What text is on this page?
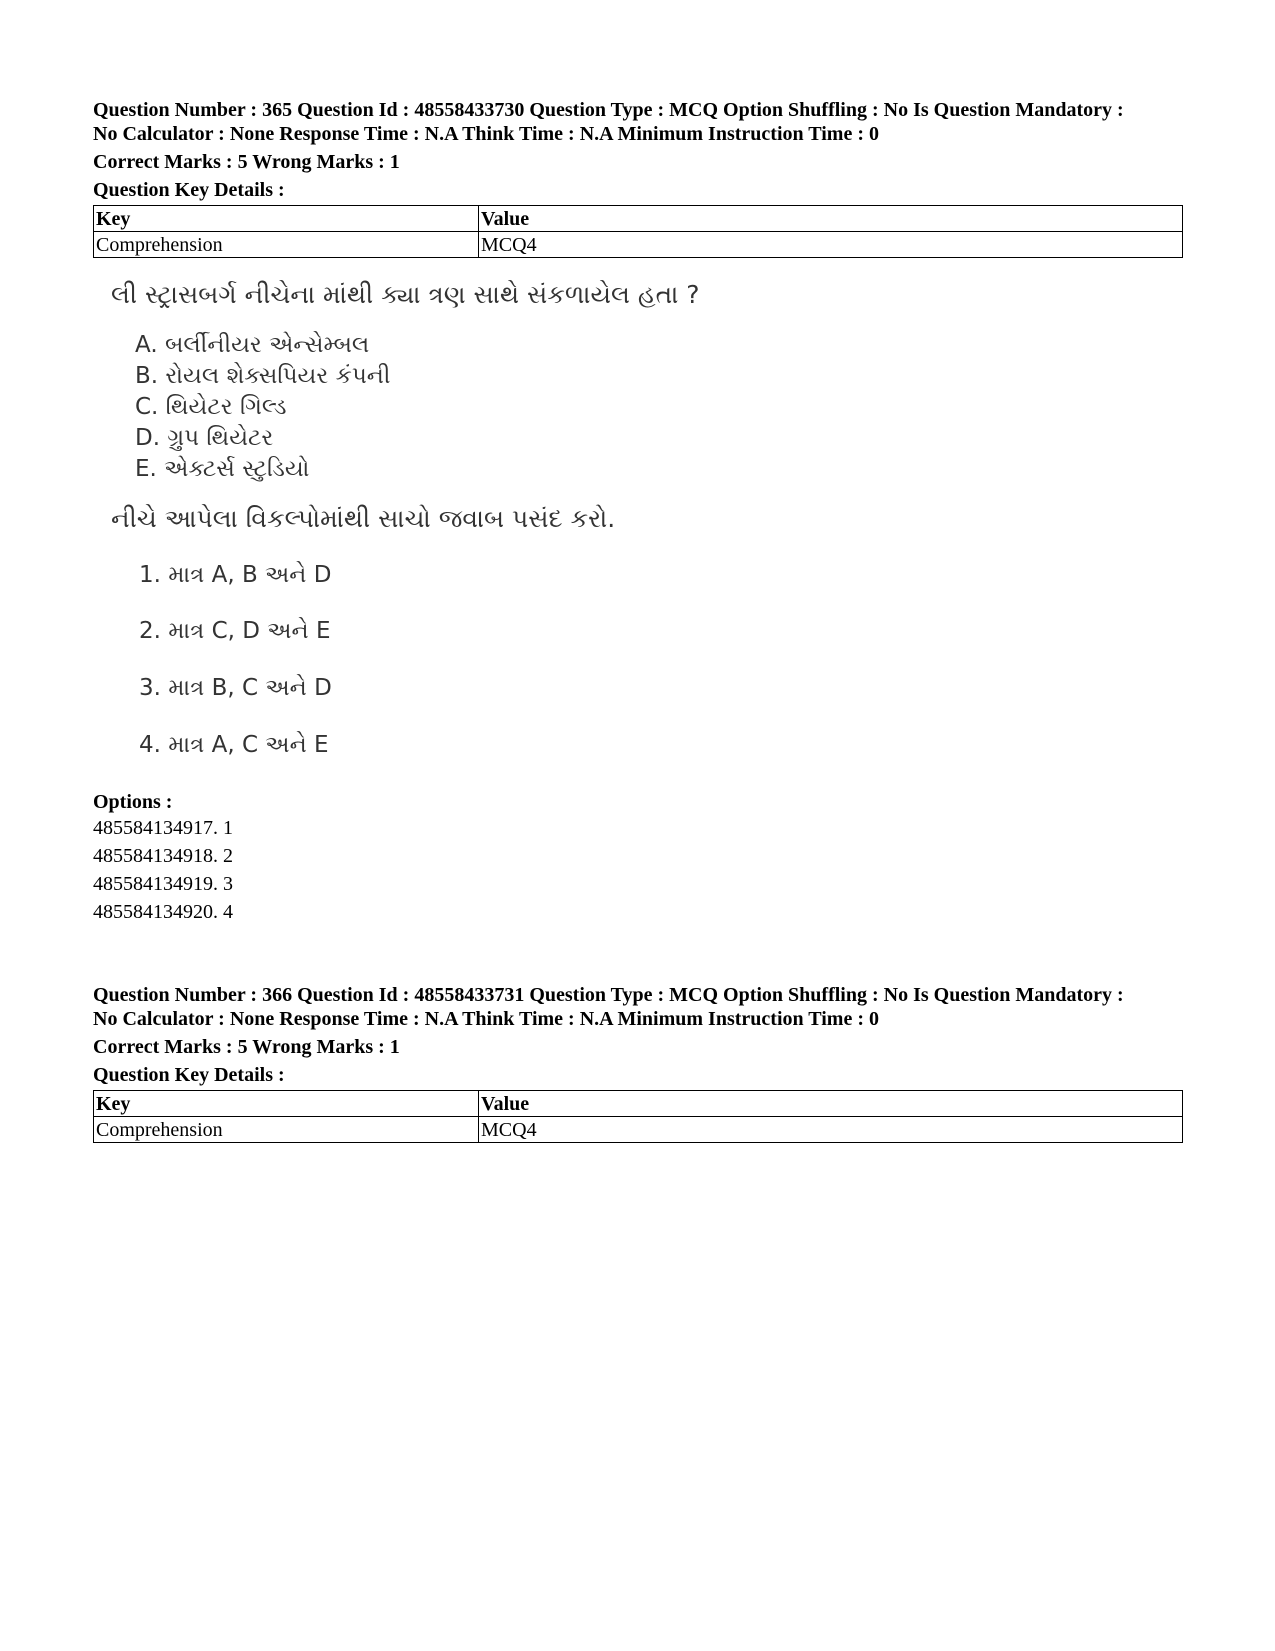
Question Number : 365 Question Id : 48558433730 Question Type : MCQ Option Shuffling : No Is Question Mandatory :

No Calculator : None Response Time : N.A Think Time : N.A Minimum Instruction Time : 0

Correct Marks : 5 Wrong Marks : 1
Question Key Details :
Key	Value
Comprehension	MCQ4
લી સ્ટ્રાસબર્ગ નીચેના માંથી ક્યા ત્રણ સાથે સંકળાયેલ હતા ?
A. બર્લીનીયર એન્સેમ્બલ
B. રોયલ શેક્સપિયર કંપની
C. થિયેટર ગિલ્ડ
D. ગ્રુપ થિયેટર
E. એક્ટર્સ સ્ટુડિયો
નીચે આપેલા વિકલ્પોમાંથી સાચો જવાબ પસંદ કરો.
1. માત્ર A, B અને D
2. માત્ર C, D અને E
3. માત્ર B, C અને D
4. માત્ર A, C અને E
Options :
485584134917. 1
485584134918. 2
485584134919. 3
485584134920. 4

Question Number : 366 Question Id : 48558433731 Question Type : MCQ Option Shuffling : No Is Question Mandatory :

No Calculator : None Response Time : N.A Think Time : N.A Minimum Instruction Time : 0

Correct Marks : 5 Wrong Marks : 1
Question Key Details :
Key	Value
Comprehension	MCQ4
